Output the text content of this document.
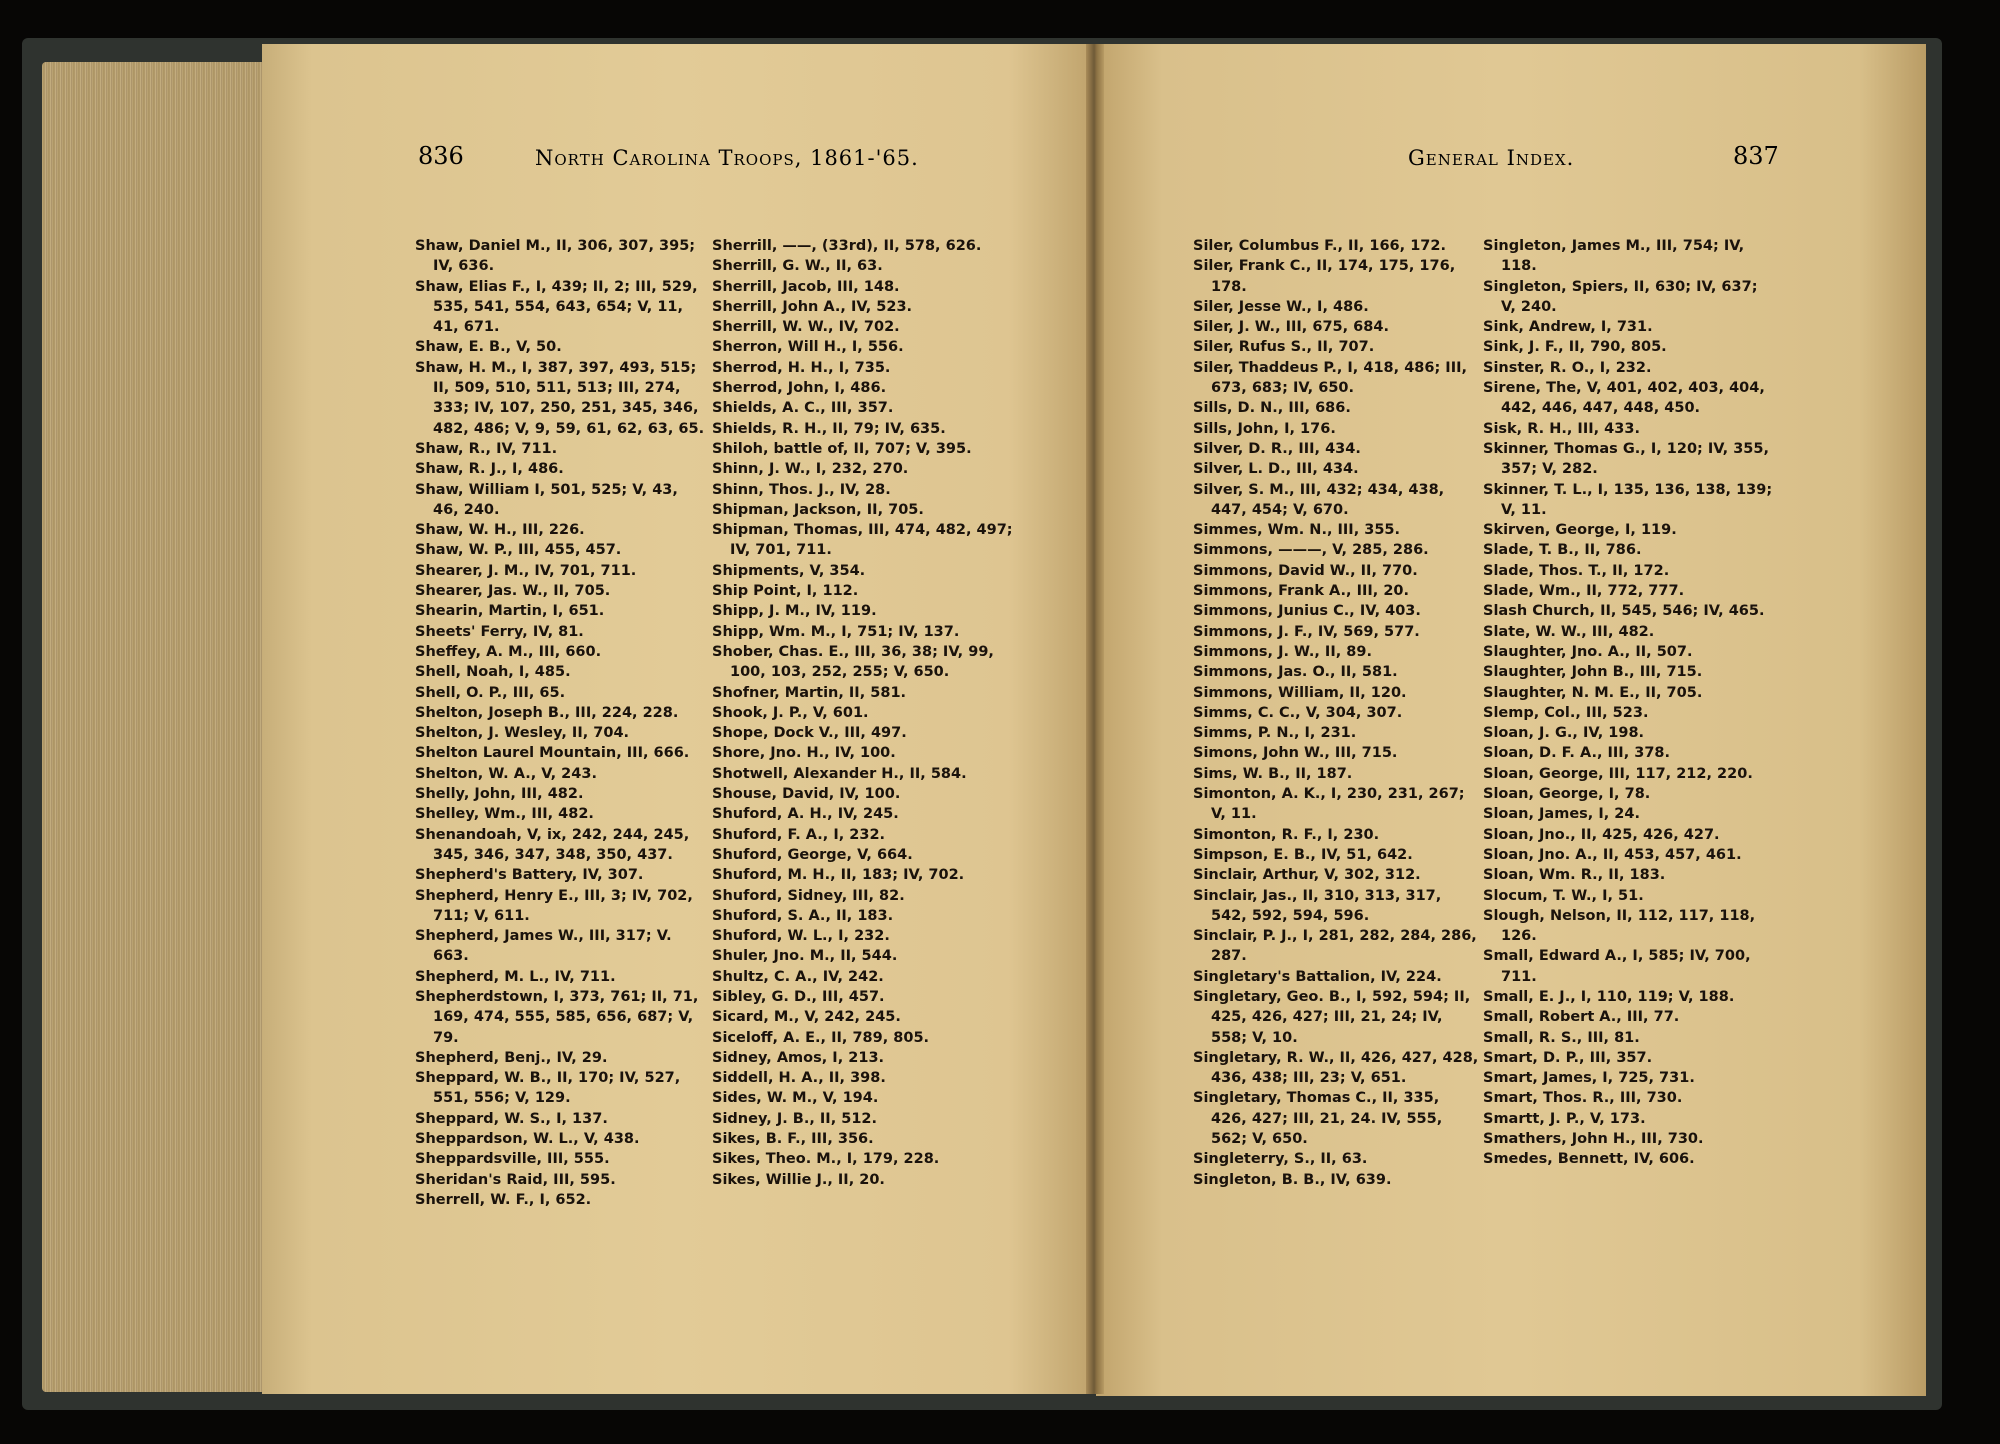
836	North Carolina Troops, 1861-'65.	General Index.	837
Shaw, Daniel M., II, 306, 307, 395; IV, 636.
Shaw, Elias F., I, 439; II, 2; III, 529, 535, 541, 554, 643, 654; V, 11, 41, 671.
Shaw, E. B., V, 50.
Shaw, H. M., I, 387, 397, 493, 515; II, 509, 510, 511, 513; III, 274, 333; IV, 107, 250, 251, 345, 346, 482, 486; V, 9, 59, 61, 62, 63, 65.
Shaw, R., IV, 711.
Shaw, R. J., I, 486.
Shaw, William I, 501, 525; V, 43, 46, 240.
Shaw, W. H., III, 226.
Shaw, W. P., III, 455, 457.
Shearer, J. M., IV, 701, 711.
Shearer, Jas. W., II, 705.
Shearin, Martin, I, 651.
Sheets' Ferry, IV, 81.
Sheffey, A. M., III, 660.
Shell, Noah, I, 485.
Shell, O. P., III, 65.
Shelton, Joseph B., III, 224, 228.
Shelton, J. Wesley, II, 704.
Shelton Laurel Mountain, III, 666.
Shelton, W. A., V, 243.
Shelly, John, III, 482.
Shelley, Wm., III, 482.
Shenandoah, V, ix, 242, 244, 245, 345, 346, 347, 348, 350, 437.
Shepherd's Battery, IV, 307.
Shepherd, Henry E., III, 3; IV, 702, 711; V, 611.
Shepherd, James W., III, 317; V. 663.
Shepherd, M. L., IV, 711.
Shepherdstown, I, 373, 761; II, 71, 169, 474, 555, 585, 656, 687; V, 79.
Shepherd, Benj., IV, 29.
Sheppard, W. B., II, 170; IV, 527, 551, 556; V, 129.
Sheppard, W. S., I, 137.
Sheppardson, W. L., V, 438.
Sheppardsville, III, 555.
Sheridan's Raid, III, 595.
Sherrell, W. F., I, 652.
Sherrill, ——, (33rd), II, 578, 626.
Sherrill, G. W., II, 63.
Sherrill, Jacob, III, 148.
Sherrill, John A., IV, 523.
Sherrill, W. W., IV, 702.
Sherron, Will H., I, 556.
Sherrod, H. H., I, 735.
Sherrod, John, I, 486.
Shields, A. C., III, 357.
Shields, R. H., II, 79; IV, 635.
Shiloh, battle of, II, 707; V, 395.
Shinn, J. W., I, 232, 270.
Shinn, Thos. J., IV, 28.
Shipman, Jackson, II, 705.
Shipman, Thomas, III, 474, 482, 497; IV, 701, 711.
Shipments, V, 354.
Ship Point, I, 112.
Shipp, J. M., IV, 119.
Shipp, Wm. M., I, 751; IV, 137.
Shober, Chas. E., III, 36, 38; IV, 99, 100, 103, 252, 255; V, 650.
Shofner, Martin, II, 581.
Shook, J. P., V, 601.
Shope, Dock V., III, 497.
Shore, Jno. H., IV, 100.
Shotwell, Alexander H., II, 584.
Shouse, David, IV, 100.
Shuford, A. H., IV, 245.
Shuford, F. A., I, 232.
Shuford, George, V, 664.
Shuford, M. H., II, 183; IV, 702.
Shuford, Sidney, III, 82.
Shuford, S. A., II, 183.
Shuford, W. L., I, 232.
Shuler, Jno. M., II, 544.
Shultz, C. A., IV, 242.
Sibley, G. D., III, 457.
Sicard, M., V, 242, 245.
Siceloff, A. E., II, 789, 805.
Sidney, Amos, I, 213.
Siddell, H. A., II, 398.
Sides, W. M., V, 194.
Sidney, J. B., II, 512.
Sikes, B. F., III, 356.
Sikes, Theo. M., I, 179, 228.
Sikes, Willie J., II, 20.
Siler, Columbus F., II, 166, 172.
Siler, Frank C., II, 174, 175, 176, 178.
Siler, Jesse W., I, 486.
Siler, J. W., III, 675, 684.
Siler, Rufus S., II, 707.
Siler, Thaddeus P., I, 418, 486; III, 673, 683; IV, 650.
Sills, D. N., III, 686.
Sills, John, I, 176.
Silver, D. R., III, 434.
Silver, L. D., III, 434.
Silver, S. M., III, 432; 434, 438, 447, 454; V, 670.
Simmes, Wm. N., III, 355.
Simmons, ———, V, 285, 286.
Simmons, David W., II, 770.
Simmons, Frank A., III, 20.
Simmons, Junius C., IV, 403.
Simmons, J. F., IV, 569, 577.
Simmons, J. W., II, 89.
Simmons, Jas. O., II, 581.
Simmons, William, II, 120.
Simms, C. C., V, 304, 307.
Simms, P. N., I, 231.
Simons, John W., III, 715.
Sims, W. B., II, 187.
Simonton, A. K., I, 230, 231, 267; V, 11.
Simonton, R. F., I, 230.
Simpson, E. B., IV, 51, 642.
Sinclair, Arthur, V, 302, 312.
Sinclair, Jas., II, 310, 313, 317, 542, 592, 594, 596.
Sinclair, P. J., I, 281, 282, 284, 286, 287.
Singletary's Battalion, IV, 224.
Singletary, Geo. B., I, 592, 594; II, 425, 426, 427; III, 21, 24; IV, 558; V, 10.
Singletary, R. W., II, 426, 427, 428, 436, 438; III, 23; V, 651.
Singletary, Thomas C., II, 335, 426, 427; III, 21, 24. IV, 555, 562; V, 650.
Singleterry, S., II, 63.
Singleton, B. B., IV, 639.
Singleton, James M., III, 754; IV, 118.
Singleton, Spiers, II, 630; IV, 637; V, 240.
Sink, Andrew, I, 731.
Sink, J. F., II, 790, 805.
Sinster, R. O., I, 232.
Sirene, The, V, 401, 402, 403, 404, 442, 446, 447, 448, 450.
Sisk, R. H., III, 433.
Skinner, Thomas G., I, 120; IV, 355, 357; V, 282.
Skinner, T. L., I, 135, 136, 138, 139; V, 11.
Skirven, George, I, 119.
Slade, T. B., II, 786.
Slade, Thos. T., II, 172.
Slade, Wm., II, 772, 777.
Slash Church, II, 545, 546; IV, 465.
Slate, W. W., III, 482.
Slaughter, Jno. A., II, 507.
Slaughter, John B., III, 715.
Slaughter, N. M. E., II, 705.
Slemp, Col., III, 523.
Sloan, J. G., IV, 198.
Sloan, D. F. A., III, 378.
Sloan, George, III, 117, 212, 220.
Sloan, George, I, 78.
Sloan, James, I, 24.
Sloan, Jno., II, 425, 426, 427.
Sloan, Jno. A., II, 453, 457, 461.
Sloan, Wm. R., II, 183.
Slocum, T. W., I, 51.
Slough, Nelson, II, 112, 117, 118, 126.
Small, Edward A., I, 585; IV, 700, 711.
Small, E. J., I, 110, 119; V, 188.
Small, Robert A., III, 77.
Small, R. S., III, 81.
Smart, D. P., III, 357.
Smart, James, I, 725, 731.
Smart, Thos. R., III, 730.
Smartt, J. P., V, 173.
Smathers, John H., III, 730.
Smedes, Bennett, IV, 606.
